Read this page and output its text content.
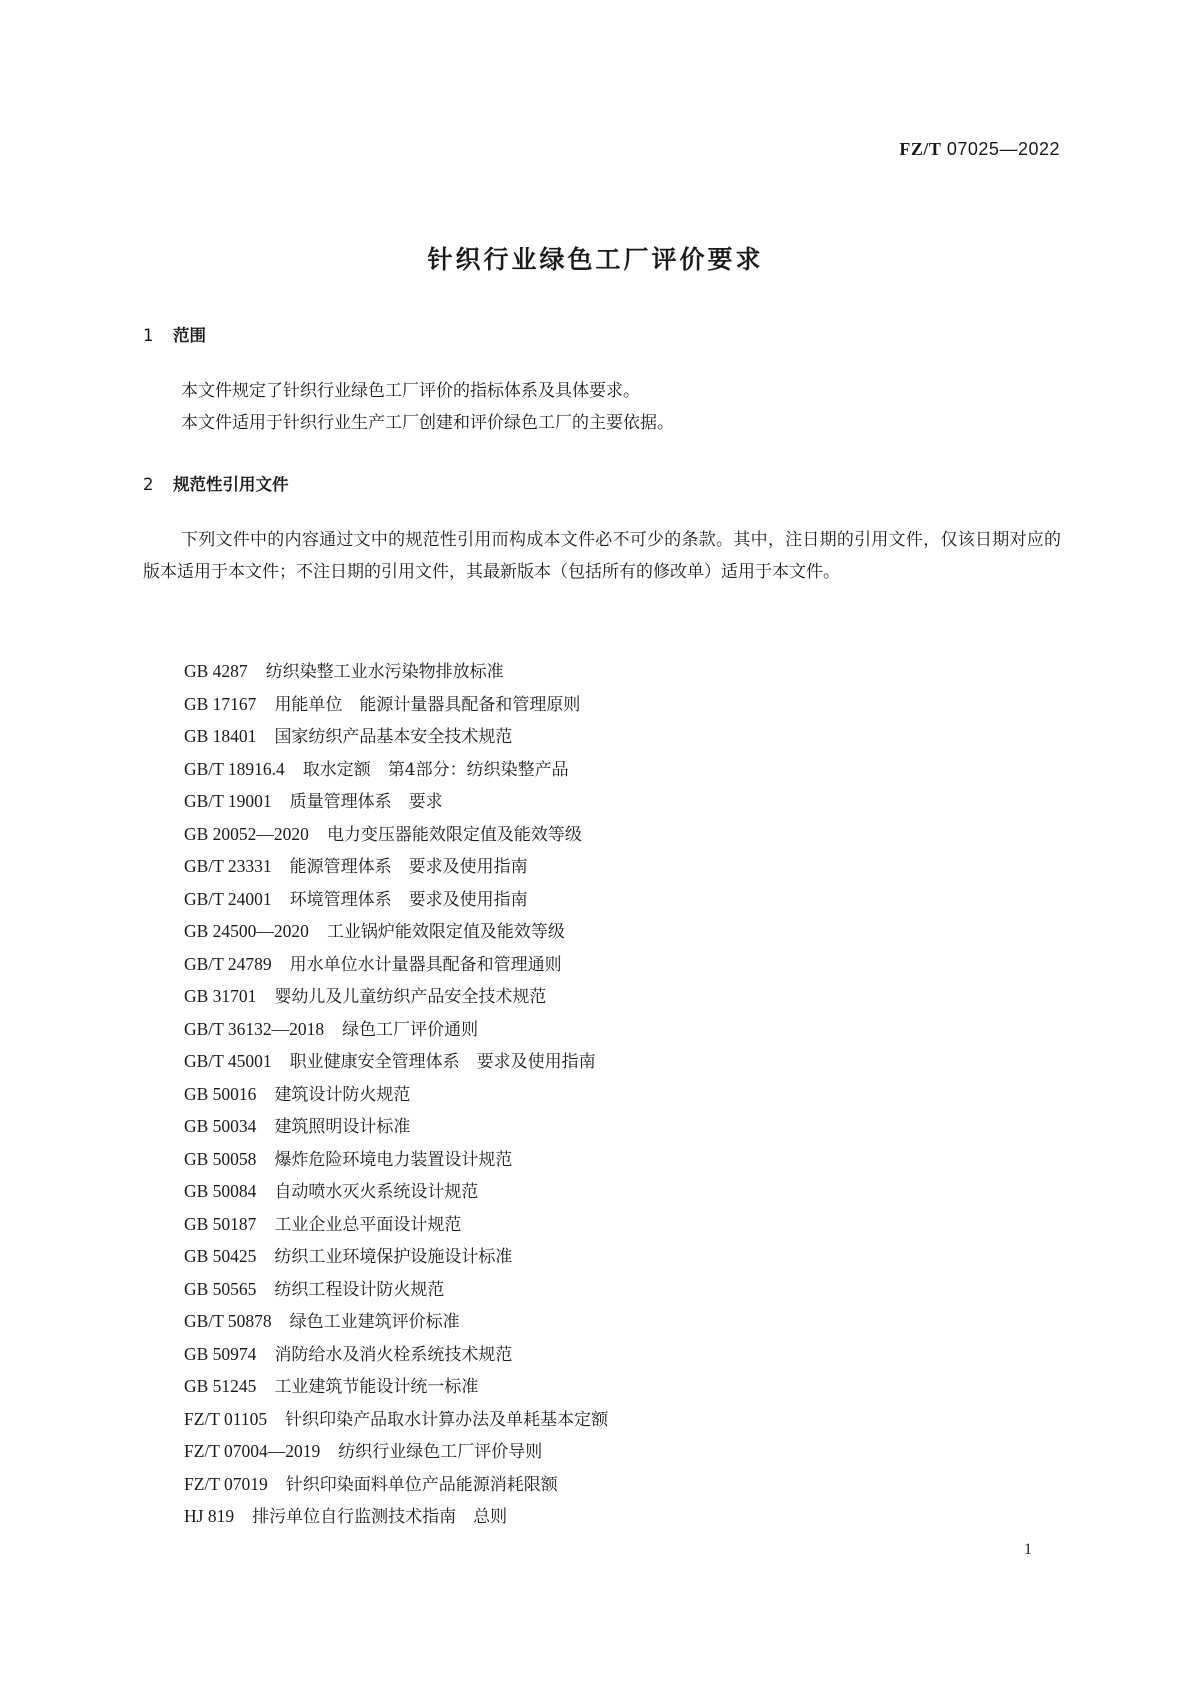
FZ/T 07025—2022
针织行业绿色工厂评价要求
1 范围

本文件规定了针织行业绿色工厂评价的指标体系及具体要求。

本文件适用于针织行业生产工厂创建和评价绿色工厂的主要依据。

2 规范性引用文件

下列文件中的内容通过文中的规范性引用而构成本文件必不可少的条款。其中，注日期的引用文件，仅该日期对应的版本适用于本文件；不注日期的引用文件，其最新版本（包括所有的修改单）适用于本文件。

GB 4287 纺织染整工业水污染物排放标准
GB 17167 用能单位　能源计量器具配备和管理原则
GB 18401 国家纺织产品基本安全技术规范
GB/T 18916.4 取水定额　第4部分：纺织染整产品
GB/T 19001 质量管理体系　要求
GB 20052—2020 电力变压器能效限定值及能效等级
GB/T 23331 能源管理体系　要求及使用指南
GB/T 24001 环境管理体系　要求及使用指南
GB 24500—2020 工业锅炉能效限定值及能效等级
GB/T 24789 用水单位水计量器具配备和管理通则
GB 31701 婴幼儿及儿童纺织产品安全技术规范
GB/T 36132—2018 绿色工厂评价通则
GB/T 45001 职业健康安全管理体系　要求及使用指南
GB 50016 建筑设计防火规范
GB 50034 建筑照明设计标准
GB 50058 爆炸危险环境电力装置设计规范
GB 50084 自动喷水灭火系统设计规范
GB 50187 工业企业总平面设计规范
GB 50425 纺织工业环境保护设施设计标准
GB 50565 纺织工程设计防火规范
GB/T 50878 绿色工业建筑评价标准
GB 50974 消防给水及消火栓系统技术规范
GB 51245 工业建筑节能设计统一标准
FZ/T 01105 针织印染产品取水计算办法及单耗基本定额
FZ/T 07004—2019 纺织行业绿色工厂评价导则
FZ/T 07019 针织印染面料单位产品能源消耗限额
HJ 819 排污单位自行监测技术指南　总则
1
